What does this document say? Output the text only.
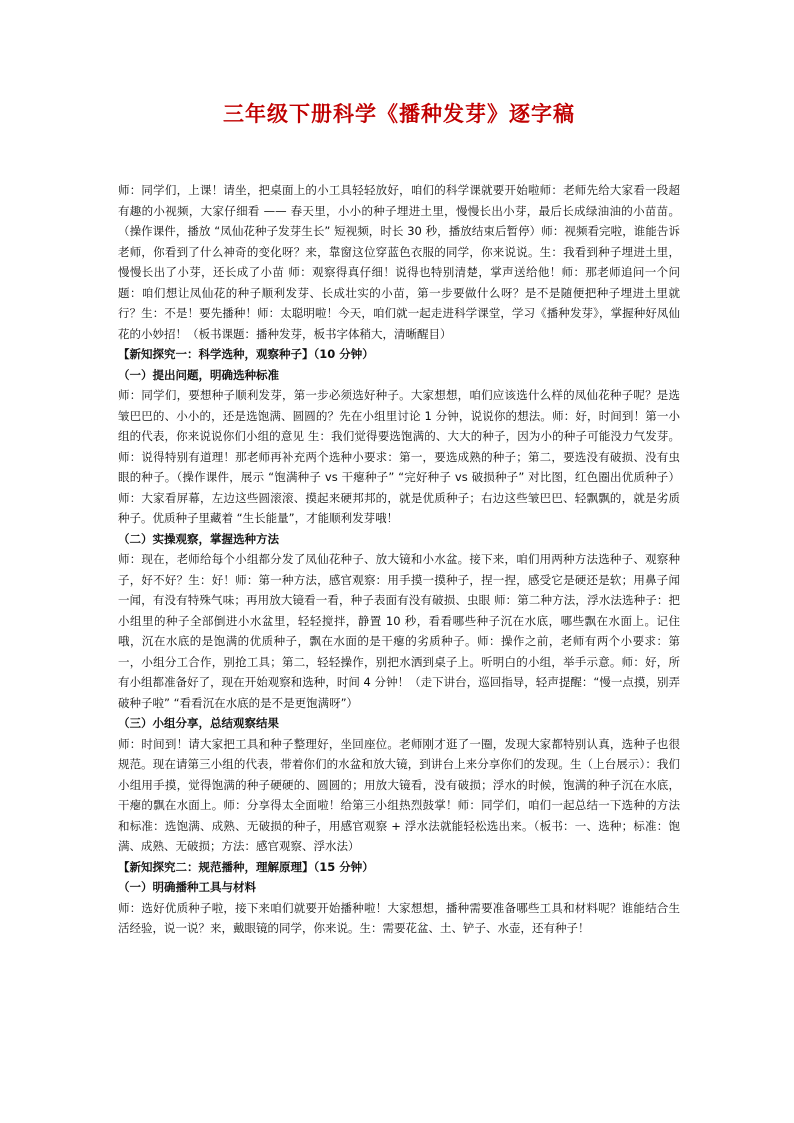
三年级下册科学《播种发芽》逐字稿

师：同学们，上课！请坐，把桌面上的小工具轻轻放好，咱们的科学课就要开始啦师：老师先给大家看一段超有趣的小视频，大家仔细看 —— 春天里，小小的种子埋进土里，慢慢长出小芽，最后长成绿油油的小苗苗。（操作课件，播放 “凤仙花种子发芽生长” 短视频，时长 30 秒，播放结束后暂停）师：视频看完啦，谁能告诉老师，你看到了什么神奇的变化呀？来，靠窗这位穿蓝色衣服的同学，你来说说。生：我看到种子埋进土里，慢慢长出了小芽，还长成了小苗 师：观察得真仔细！说得也特别清楚，掌声送给他！师：那老师追问一个问题：咱们想让凤仙花的种子顺利发芽、长成壮实的小苗，第一步要做什么呀？是不是随便把种子埋进土里就行？生：不是！要先播种！师：太聪明啦！今天，咱们就一起走进科学课堂，学习《播种发芽》，掌握种好凤仙花的小妙招！（板书课题：播种发芽，板书字体稍大，清晰醒目）

【新知探究一：科学选种，观察种子】（10 分钟）

（一）提出问题，明确选种标准

师：同学们，要想种子顺利发芽，第一步必须选好种子。大家想想，咱们应该选什么样的凤仙花种子呢？是选皱巴巴的、小小的，还是选饱满、圆圆的？先在小组里讨论 1 分钟，说说你的想法。师：好，时间到！第一小组的代表，你来说说你们小组的意见 生：我们觉得要选饱满的、大大的种子，因为小的种子可能没力气发芽。师：说得特别有道理！那老师再补充两个选种小要求：第一，要选成熟的种子；第二，要选没有破损、没有虫眼的种子。（操作课件，展示 “饱满种子 vs 干瘪种子” “完好种子 vs 破损种子” 对比图，红色圈出优质种子）师：大家看屏幕，左边这些圆滚滚、摸起来硬邦邦的，就是优质种子；右边这些皱巴巴、轻飘飘的，就是劣质种子。优质种子里藏着 “生长能量”，才能顺利发芽哦！

（二）实操观察，掌握选种方法

师：现在，老师给每个小组都分发了凤仙花种子、放大镜和小水盆。接下来，咱们用两种方法选种子、观察种子，好不好？生：好！师：第一种方法，感官观察：用手摸一摸种子，捏一捏，感受它是硬还是软；用鼻子闻一闻，有没有特殊气味；再用放大镜看一看，种子表面有没有破损、虫眼 师：第二种方法，浮水法选种子：把小组里的种子全部倒进小水盆里，轻轻搅拌，静置 10 秒，看看哪些种子沉在水底，哪些飘在水面上。记住哦，沉在水底的是饱满的优质种子，飘在水面的是干瘪的劣质种子。师：操作之前，老师有两个小要求：第一，小组分工合作，别抢工具；第二，轻轻操作，别把水洒到桌子上。听明白的小组，举手示意。师：好，所有小组都准备好了，现在开始观察和选种，时间 4 分钟！（走下讲台，巡回指导，轻声提醒：“慢一点摸，别弄破种子啦” “看看沉在水底的是不是更饱满呀”）

（三）小组分享，总结观察结果

师：时间到！请大家把工具和种子整理好，坐回座位。老师刚才逛了一圈，发现大家都特别认真，选种子也很规范。现在请第三小组的代表，带着你们的水盆和放大镜，到讲台上来分享你们的发现。生（上台展示）：我们小组用手摸，觉得饱满的种子硬硬的、圆圆的；用放大镜看，没有破损；浮水的时候，饱满的种子沉在水底，干瘪的飘在水面上。师：分享得太全面啦！给第三小组热烈鼓掌！师：同学们，咱们一起总结一下选种的方法和标准：选饱满、成熟、无破损的种子，用感官观察 + 浮水法就能轻松选出来。（板书：一、选种；标准：饱满、成熟、无破损；方法：感官观察、浮水法）

【新知探究二：规范播种，理解原理】（15 分钟）

（一）明确播种工具与材料

师：选好优质种子啦，接下来咱们就要开始播种啦！大家想想，播种需要准备哪些工具和材料呢？谁能结合生活经验，说一说？来，戴眼镜的同学，你来说。生：需要花盆、土、铲子、水壶，还有种子！
